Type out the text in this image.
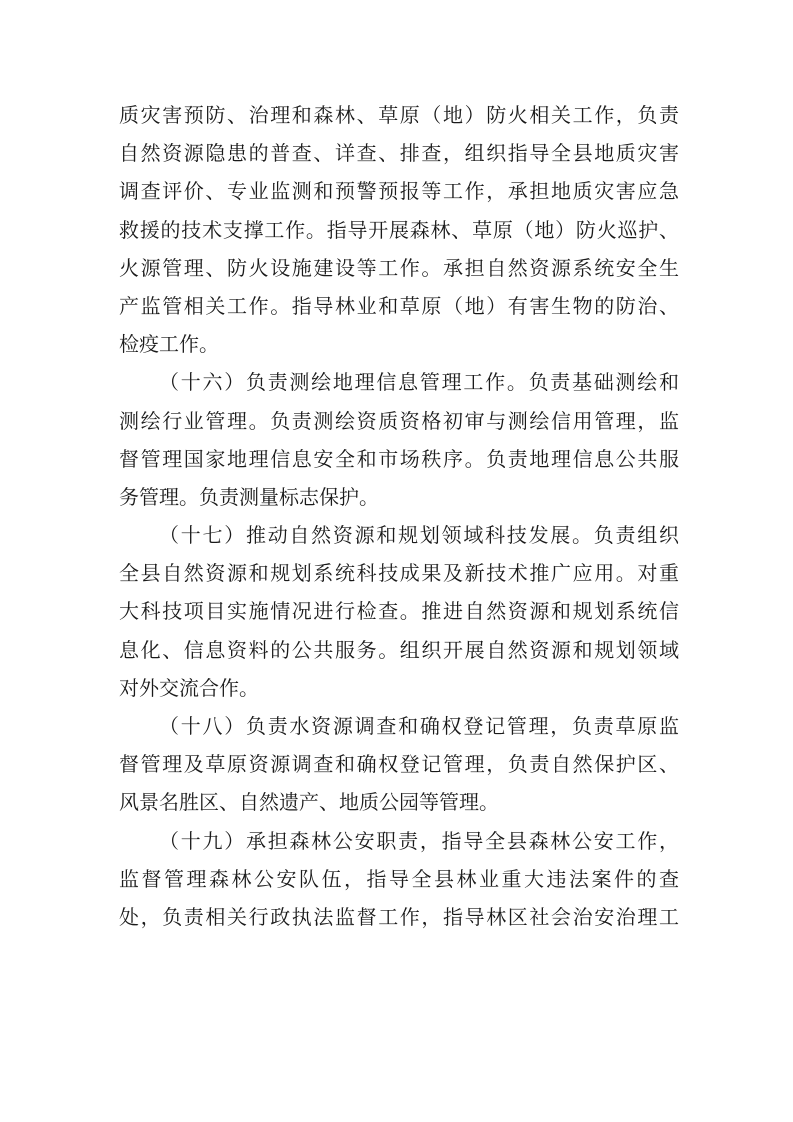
质灾害预防、治理和森林、草原（地）防火相关工作，负责
自然资源隐患的普查、详查、排查，组织指导全县地质灾害
调查评价、专业监测和预警预报等工作，承担地质灾害应急
救援的技术支撑工作。指导开展森林、草原（地）防火巡护、
火源管理、防火设施建设等工作。承担自然资源系统安全生
产监管相关工作。指导林业和草原（地）有害生物的防治、
检疫工作。
（十六）负责测绘地理信息管理工作。负责基础测绘和
测绘行业管理。负责测绘资质资格初审与测绘信用管理，监
督管理国家地理信息安全和市场秩序。负责地理信息公共服
务管理。负责测量标志保护。
（十七）推动自然资源和规划领域科技发展。负责组织
全县自然资源和规划系统科技成果及新技术推广应用。对重
大科技项目实施情况进行检查。推进自然资源和规划系统信
息化、信息资料的公共服务。组织开展自然资源和规划领域
对外交流合作。
（十八）负责水资源调查和确权登记管理，负责草原监
督管理及草原资源调查和确权登记管理，负责自然保护区、
风景名胜区、自然遗产、地质公园等管理。
（十九）承担森林公安职责，指导全县森林公安工作，
监督管理森林公安队伍，指导全县林业重大违法案件的查
处，负责相关行政执法监督工作，指导林区社会治安治理工
